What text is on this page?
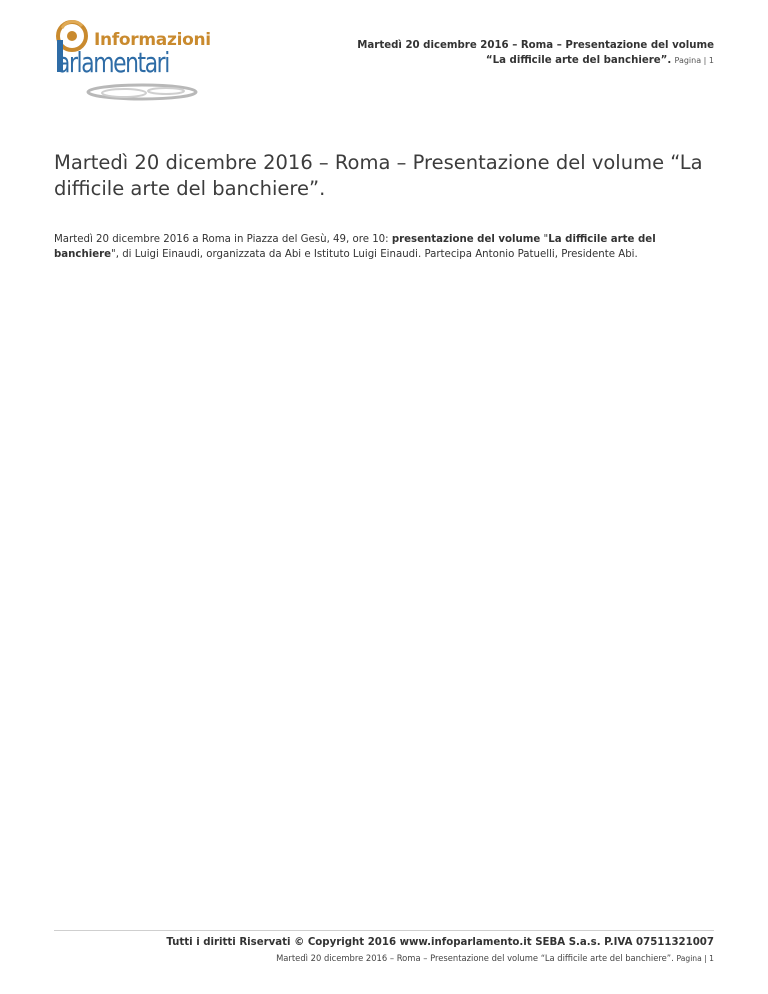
Informazioni
arlamentari
Martedì 20 dicembre 2016 – Roma – Presentazione del volume “La difficile arte del banchiere”. Pagina | 1
Martedì 20 dicembre 2016 – Roma – Presentazione del volume “La difficile arte del banchiere”.

Martedì 20 dicembre 2016 a Roma in Piazza del Gesù, 49, ore 10: presentazione del volume "La difficile arte del banchiere", di Luigi Einaudi, organizzata da Abi e Istituto Luigi Einaudi. Partecipa Antonio Patuelli, Presidente Abi.

Tutti i diritti Riservati © Copyright 2016 www.infoparlamento.it SEBA S.a.s. P.IVA 07511321007
Martedì 20 dicembre 2016 – Roma – Presentazione del volume “La difficile arte del banchiere”. Pagina | 1
